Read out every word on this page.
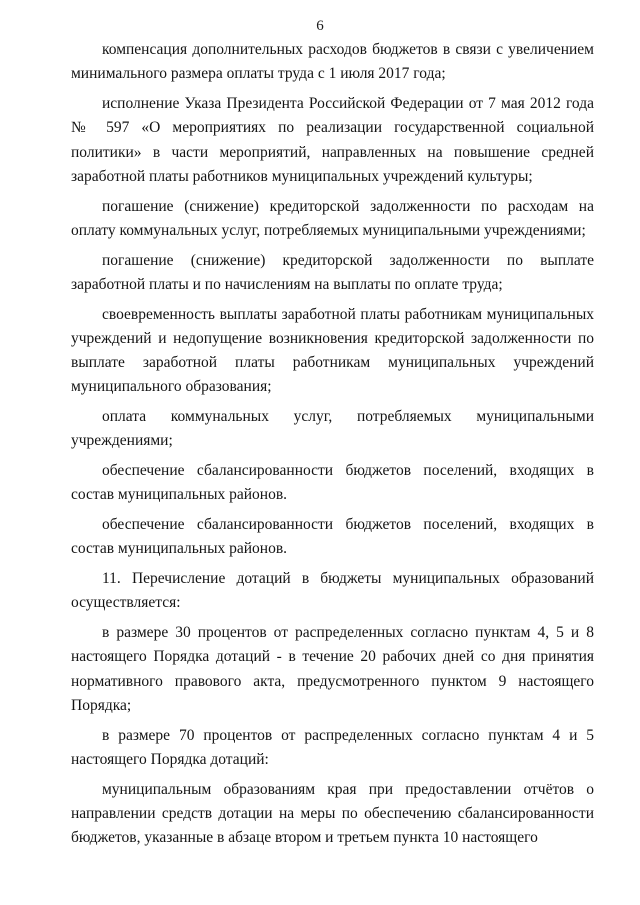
6

компенсация дополнительных расходов бюджетов в связи с увеличением минимального размера оплаты труда с 1 июля 2017 года;

исполнение Указа Президента Российской Федерации от 7 мая 2012 года № 597 «О мероприятиях по реализации государственной социальной политики» в части мероприятий, направленных на повышение средней заработной платы работников муниципальных учреждений культуры;

погашение (снижение) кредиторской задолженности по расходам на оплату коммунальных услуг, потребляемых муниципальными учреждениями;

погашение (снижение) кредиторской задолженности по выплате заработной платы и по начислениям на выплаты по оплате труда;

своевременность выплаты заработной платы работникам муниципальных учреждений и недопущение возникновения кредиторской задолженности по выплате заработной платы работникам муниципальных учреждений муниципального образования;

оплата коммунальных услуг, потребляемых муниципальными учреждениями;

обеспечение сбалансированности бюджетов поселений, входящих в состав муниципальных районов.

обеспечение сбалансированности бюджетов поселений, входящих в состав муниципальных районов.

11. Перечисление дотаций в бюджеты муниципальных образований осуществляется:

в размере 30 процентов от распределенных согласно пунктам 4, 5 и 8 настоящего Порядка дотаций - в течение 20 рабочих дней со дня принятия нормативного правового акта, предусмотренного пунктом 9 настоящего Порядка;

в размере 70 процентов от распределенных согласно пунктам 4 и 5 настоящего Порядка дотаций:

муниципальным образованиям края при предоставлении отчётов о направлении средств дотации на меры по обеспечению сбалансированности бюджетов, указанные в абзаце втором и третьем пункта 10 настоящего
